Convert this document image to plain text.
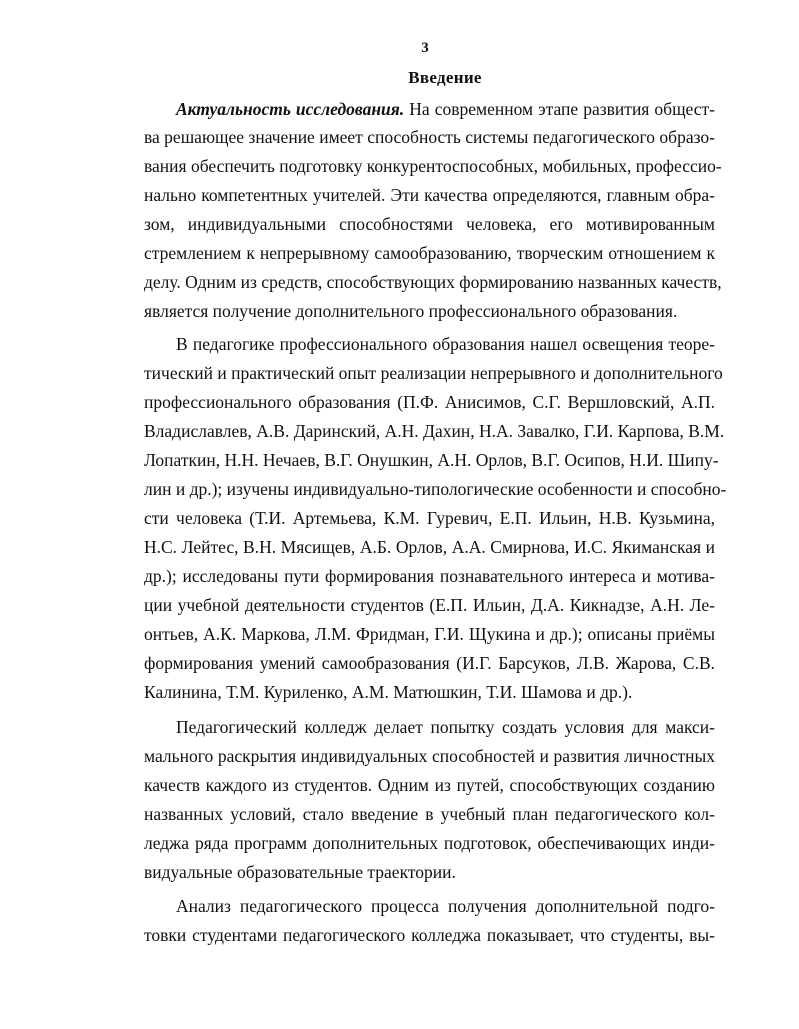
3
Введение
Актуальность исследования. На современном этапе развития общест-
ва решающее значение имеет способность системы педагогического образо-
вания обеспечить подготовку конкурентоспособных, мобильных, профессио-
нально компетентных учителей. Эти качества определяются, главным обра-
зом, индивидуальными способностями человека, его мотивированным
стремлением к непрерывному самообразованию, творческим отношением к
делу. Одним из средств, способствующих формированию названных качеств,
является получение дополнительного профессионального образования.
В педагогике профессионального образования нашел освещения теоре-
тический и практический опыт реализации непрерывного и дополнительного
профессионального образования (П.Ф. Анисимов, С.Г. Вершловский, А.П.
Владиславлев, А.В. Даринский, А.Н. Дахин, Н.А. Завалко, Г.И. Карпова, В.М.
Лопаткин, Н.Н. Нечаев, В.Г. Онушкин, А.Н. Орлов, В.Г. Осипов, Н.И. Шипу-
лин и др.); изучены индивидуально-типологические особенности и способно-
сти человека (Т.И. Артемьева, К.М. Гуревич, Е.П. Ильин, Н.В. Кузьмина,
Н.С. Лейтес, В.Н. Мясищев, А.Б. Орлов, А.А. Смирнова, И.С. Якиманская и
др.); исследованы пути формирования познавательного интереса и мотива-
ции учебной деятельности студентов (Е.П. Ильин, Д.А. Кикнадзе, А.Н. Ле-
онтьев, А.К. Маркова, Л.М. Фридман, Г.И. Щукина и др.); описаны приёмы
формирования умений самообразования (И.Г. Барсуков, Л.В. Жарова, С.В.
Калинина, Т.М. Куриленко, А.М. Матюшкин, Т.И. Шамова и др.).
Педагогический колледж делает попытку создать условия для макси-
мального раскрытия индивидуальных способностей и развития личностных
качеств каждого из студентов. Одним из путей, способствующих созданию
названных условий, стало введение в учебный план педагогического кол-
леджа ряда программ дополнительных подготовок, обеспечивающих инди-
видуальные образовательные траектории.
Анализ педагогического процесса получения дополнительной подго-
товки студентами педагогического колледжа показывает, что студенты, вы-
